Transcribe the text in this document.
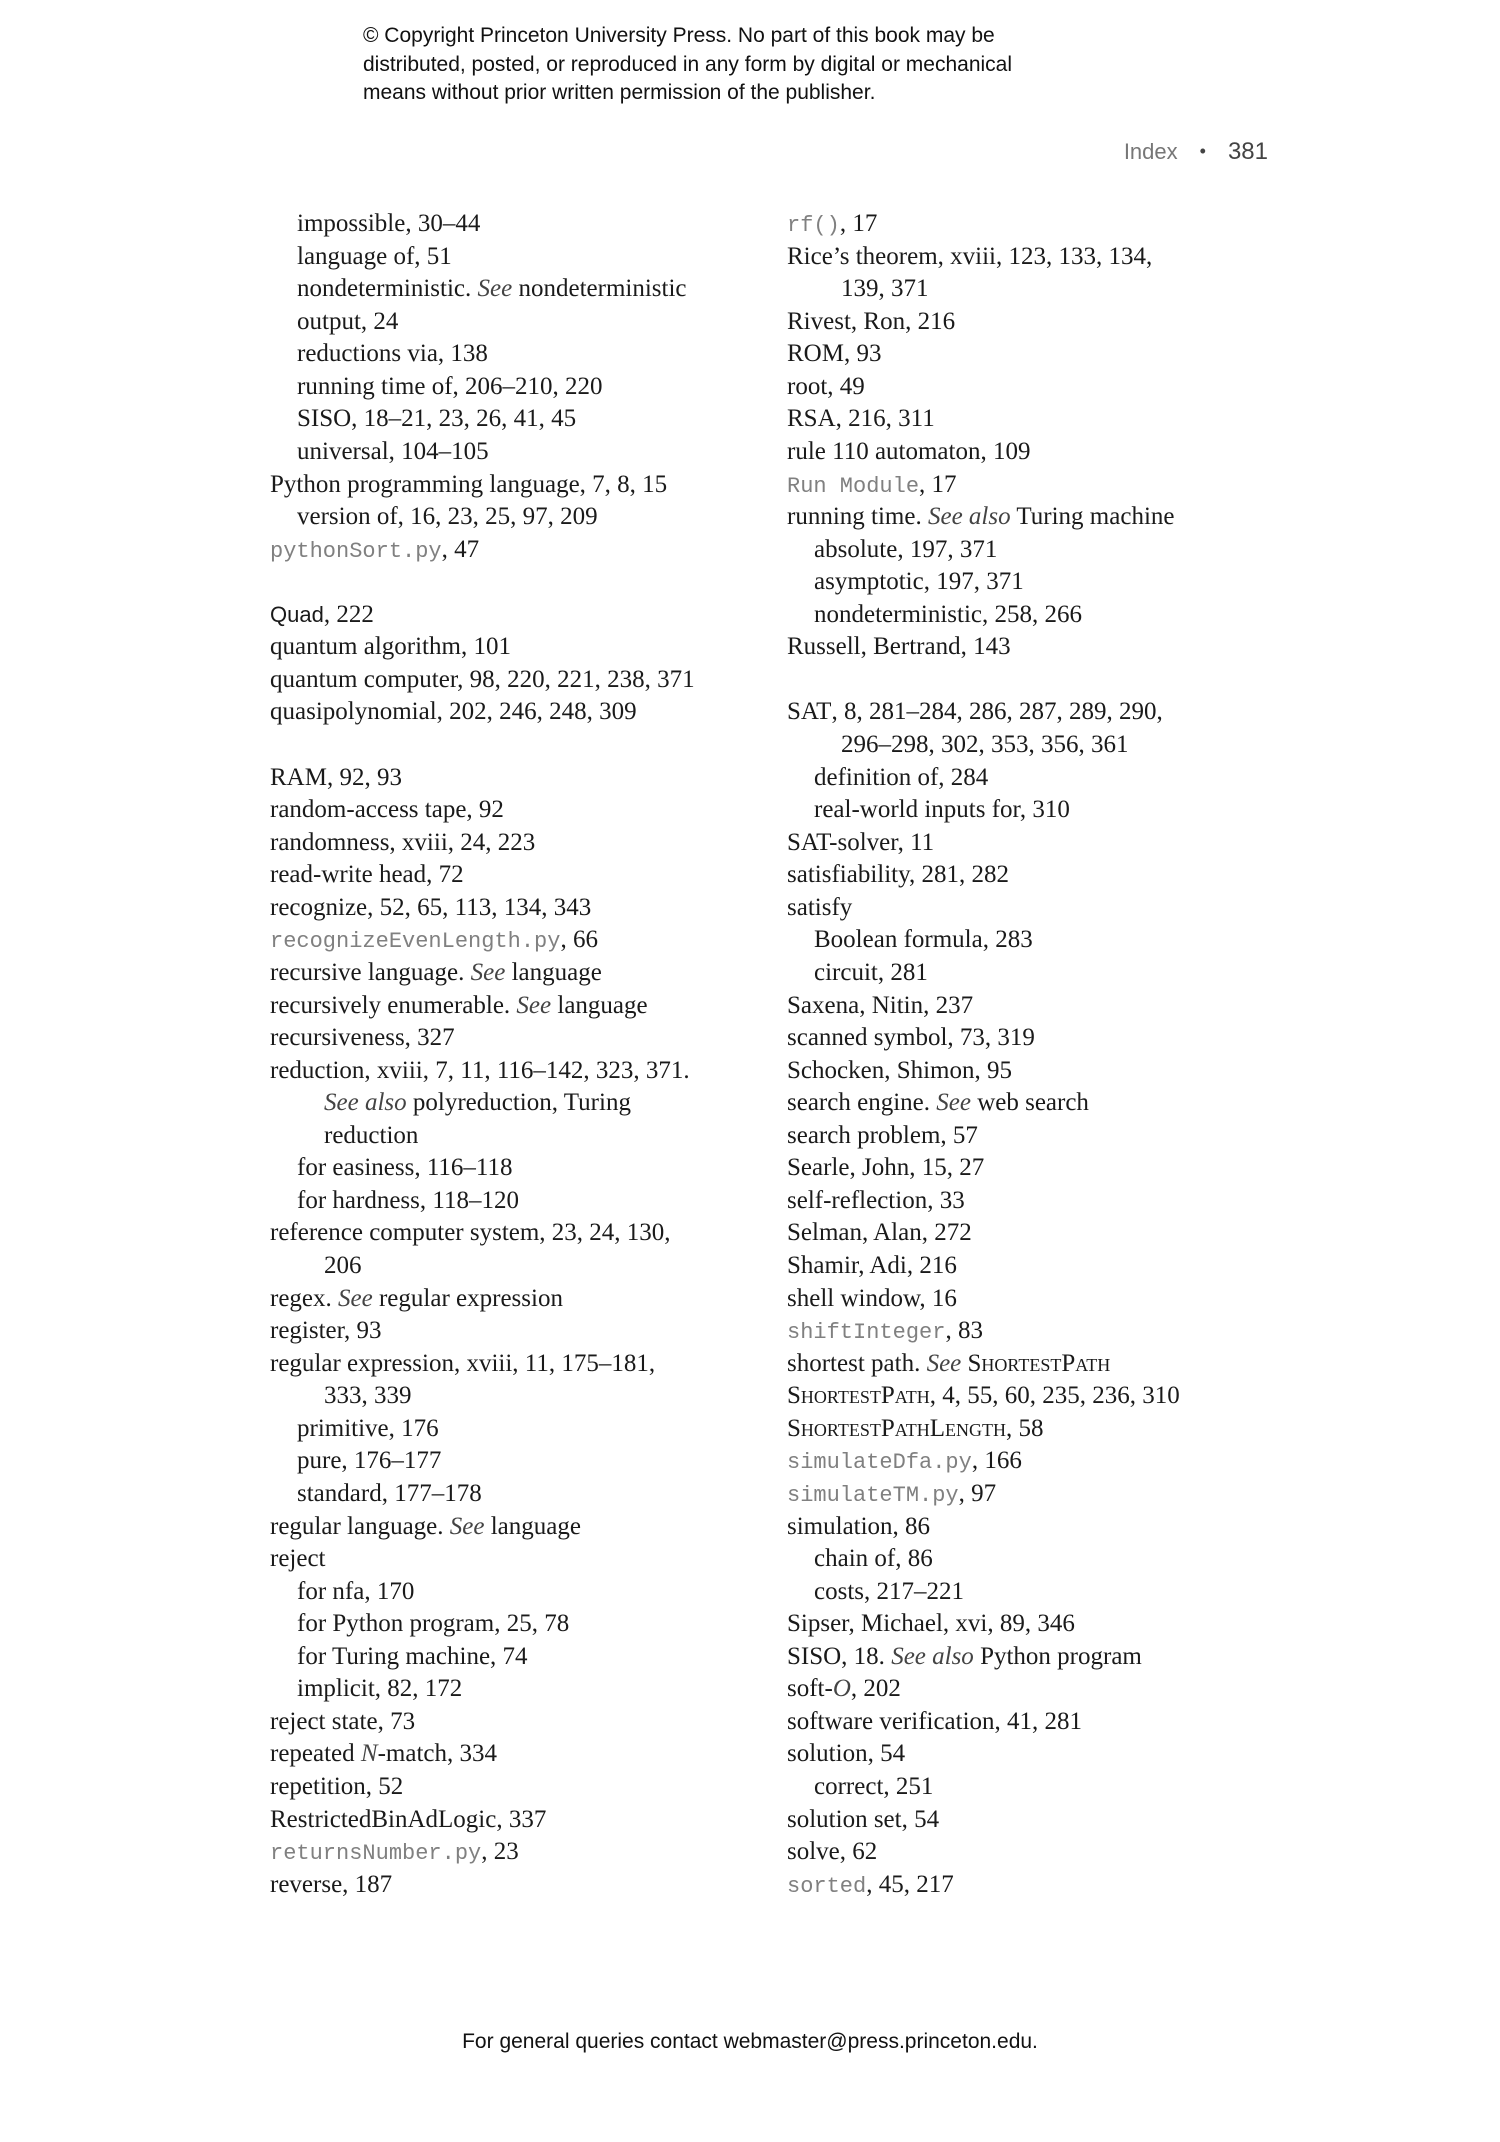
© Copyright Princeton University Press. No part of this book may be
distributed, posted, or reproduced in any form by digital or mechanical
means without prior written permission of the publisher.
Index • 381
impossible, 30–44
language of, 51
nondeterministic. See nondeterministic
output, 24
reductions via, 138
running time of, 206–210, 220
SISO, 18–21, 23, 26, 41, 45
universal, 104–105
Python programming language, 7, 8, 15
version of, 16, 23, 25, 97, 209
pythonSort.py, 47
Quad, 222
quantum algorithm, 101
quantum computer, 98, 220, 221, 238, 371
quasipolynomial, 202, 246, 248, 309
RAM, 92, 93
random-access tape, 92
randomness, xviii, 24, 223
read-write head, 72
recognize, 52, 65, 113, 134, 343
recognizeEvenLength.py, 66
recursive language. See language
recursively enumerable. See language
recursiveness, 327
reduction, xviii, 7, 11, 116–142, 323, 371.
See also polyreduction, Turing
reduction
for easiness, 116–118
for hardness, 118–120
reference computer system, 23, 24, 130,
206
regex. See regular expression
register, 93
regular expression, xviii, 11, 175–181,
333, 339
primitive, 176
pure, 176–177
standard, 177–178
regular language. See language
reject
for nfa, 170
for Python program, 25, 78
for Turing machine, 74
implicit, 82, 172
reject state, 73
repeated N-match, 334
repetition, 52
RestrictedBinAdLogic, 337
returnsNumber.py, 23
reverse, 187
rf(), 17
Rice’s theorem, xviii, 123, 133, 134,
139, 371
Rivest, Ron, 216
ROM, 93
root, 49
RSA, 216, 311
rule 110 automaton, 109
Run Module, 17
running time. See also Turing machine
absolute, 197, 371
asymptotic, 197, 371
nondeterministic, 258, 266
Russell, Bertrand, 143
SAT, 8, 281–284, 286, 287, 289, 290,
296–298, 302, 353, 356, 361
definition of, 284
real-world inputs for, 310
SAT-solver, 11
satisfiability, 281, 282
satisfy
Boolean formula, 283
circuit, 281
Saxena, Nitin, 237
scanned symbol, 73, 319
Schocken, Shimon, 95
search engine. See web search
search problem, 57
Searle, John, 15, 27
self-reflection, 33
Selman, Alan, 272
Shamir, Adi, 216
shell window, 16
shiftInteger, 83
shortest path. See ShortestPath
ShortestPath, 4, 55, 60, 235, 236, 310
ShortestPathLength, 58
simulateDfa.py, 166
simulateTM.py, 97
simulation, 86
chain of, 86
costs, 217–221
Sipser, Michael, xvi, 89, 346
SISO, 18. See also Python program
soft-O, 202
software verification, 41, 281
solution, 54
correct, 251
solution set, 54
solve, 62
sorted, 45, 217
For general queries contact webmaster@press.princeton.edu.
